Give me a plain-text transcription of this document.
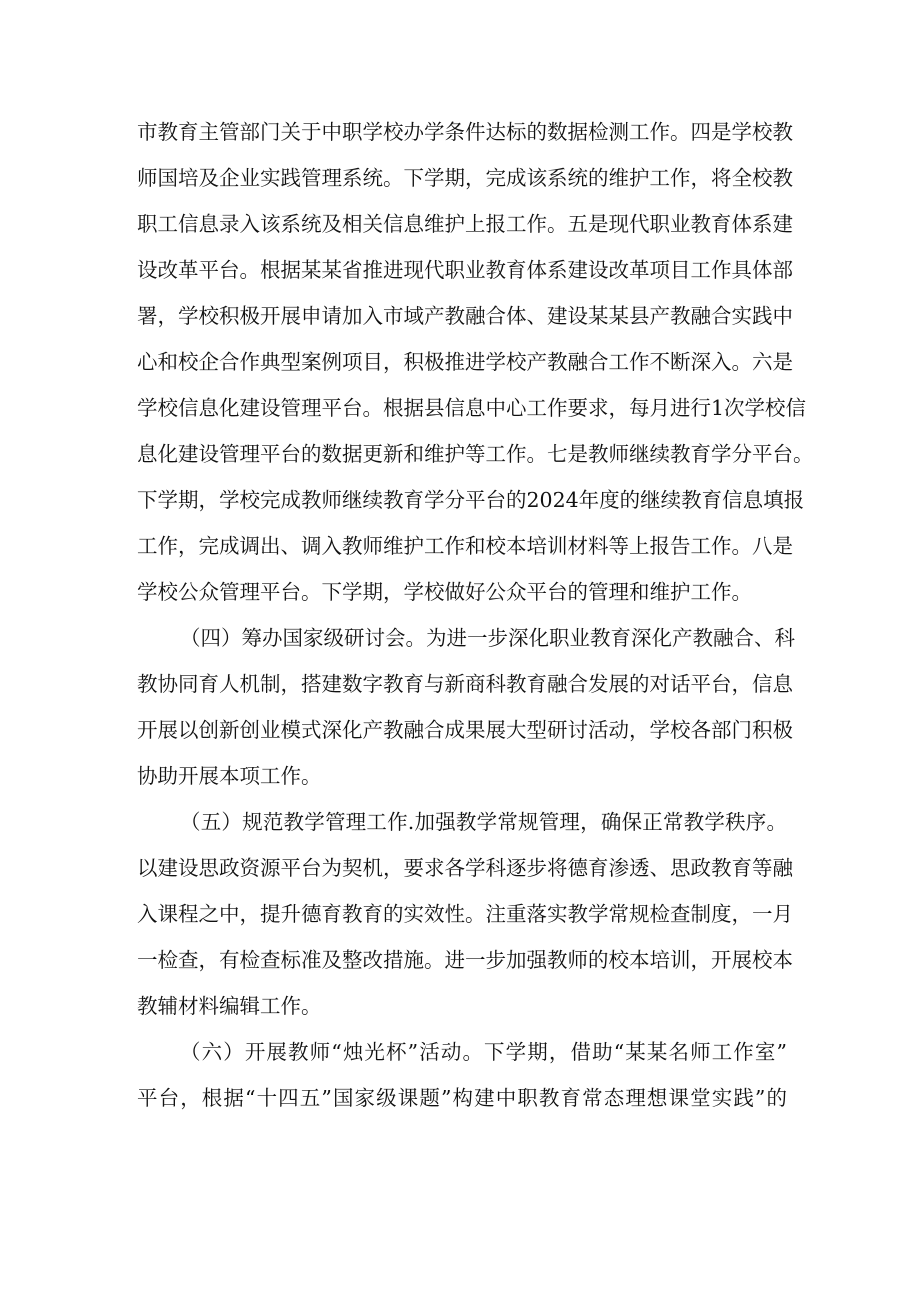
市教育主管部门关于中职学校办学条件达标的数据检测工作。四是学校教
师国培及企业实践管理系统。下学期，完成该系统的维护工作，将全校教
职工信息录入该系统及相关信息维护上报工作。五是现代职业教育体系建
设改革平台。根据某某省推进现代职业教育体系建设改革项目工作具体部
署，学校积极开展申请加入市域产教融合体、建设某某县产教融合实践中
心和校企合作典型案例项目，积极推进学校产教融合工作不断深入。六是
学校信息化建设管理平台。根据县信息中心工作要求，每月进行1次学校信
息化建设管理平台的数据更新和维护等工作。七是教师继续教育学分平台。
下学期，学校完成教师继续教育学分平台的2024年度的继续教育信息填报
工作，完成调出、调入教师维护工作和校本培训材料等上报告工作。八是
学校公众管理平台。下学期，学校做好公众平台的管理和维护工作。
（四）筹办国家级研讨会。为进一步深化职业教育深化产教融合、科
教协同育人机制，搭建数字教育与新商科教育融合发展的对话平台，信息
开展以创新创业模式深化产教融合成果展大型研讨活动，学校各部门积极
协助开展本项工作。
（五）规范教学管理工作.加强教学常规管理，确保正常教学秩序。
以建设思政资源平台为契机，要求各学科逐步将德育渗透、思政教育等融
入课程之中，提升德育教育的实效性。注重落实教学常规检查制度，一月
一检查，有检查标准及整改措施。进一步加强教师的校本培训，开展校本
教辅材料编辑工作。
（六）开展教师“烛光杯”活动。下学期，借助“某某名师工作室”
平台，根据“十四五”国家级课题”构建中职教育常态理想课堂实践”的
